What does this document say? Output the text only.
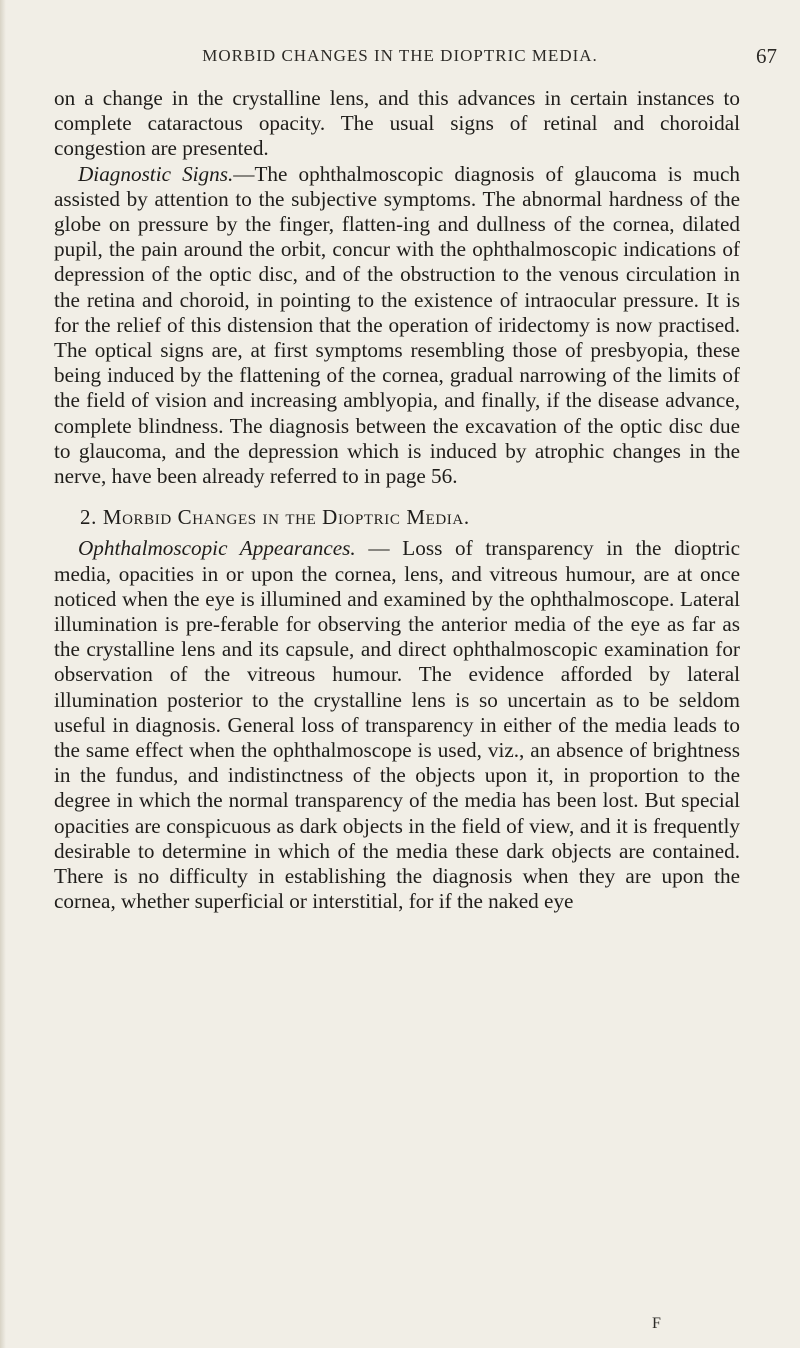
MORBID CHANGES IN THE DIOPTRIC MEDIA.	67

on a change in the crystalline lens, and this advances in certain instances to complete cataractous opacity. The usual signs of retinal and choroidal congestion are presented.

Diagnostic Signs.—The ophthalmoscopic diagnosis of glaucoma is much assisted by attention to the subjective symptoms. The abnormal hardness of the globe on pressure by the finger, flatten-ing and dullness of the cornea, dilated pupil, the pain around the orbit, concur with the ophthalmoscopic indications of depression of the optic disc, and of the obstruction to the venous circulation in the retina and choroid, in pointing to the existence of intraocular pressure. It is for the relief of this distension that the operation of iridectomy is now practised. The optical signs are, at first symptoms resembling those of presbyopia, these being induced by the flattening of the cornea, gradual narrowing of the limits of the field of vision and increasing amblyopia, and finally, if the disease advance, complete blindness. The diagnosis between the excavation of the optic disc due to glaucoma, and the depression which is induced by atrophic changes in the nerve, have been already referred to in page 56.

2. Morbid Changes in the Dioptric Media.

Ophthalmoscopic Appearances. — Loss of transparency in the dioptric media, opacities in or upon the cornea, lens, and vitreous humour, are at once noticed when the eye is illumined and examined by the ophthalmoscope. Lateral illumination is pre-ferable for observing the anterior media of the eye as far as the crystalline lens and its capsule, and direct ophthalmoscopic examination for observation of the vitreous humour. The evidence afforded by lateral illumination posterior to the crystalline lens is so uncertain as to be seldom useful in diagnosis. General loss of transparency in either of the media leads to the same effect when the ophthalmoscope is used, viz., an absence of brightness in the fundus, and indistinctness of the objects upon it, in proportion to the degree in which the normal transparency of the media has been lost. But special opacities are conspicuous as dark objects in the field of view, and it is frequently desirable to determine in which of the media these dark objects are contained. There is no difficulty in establishing the diagnosis when they are upon the cornea, whether superficial or interstitial, for if the naked eye

F
